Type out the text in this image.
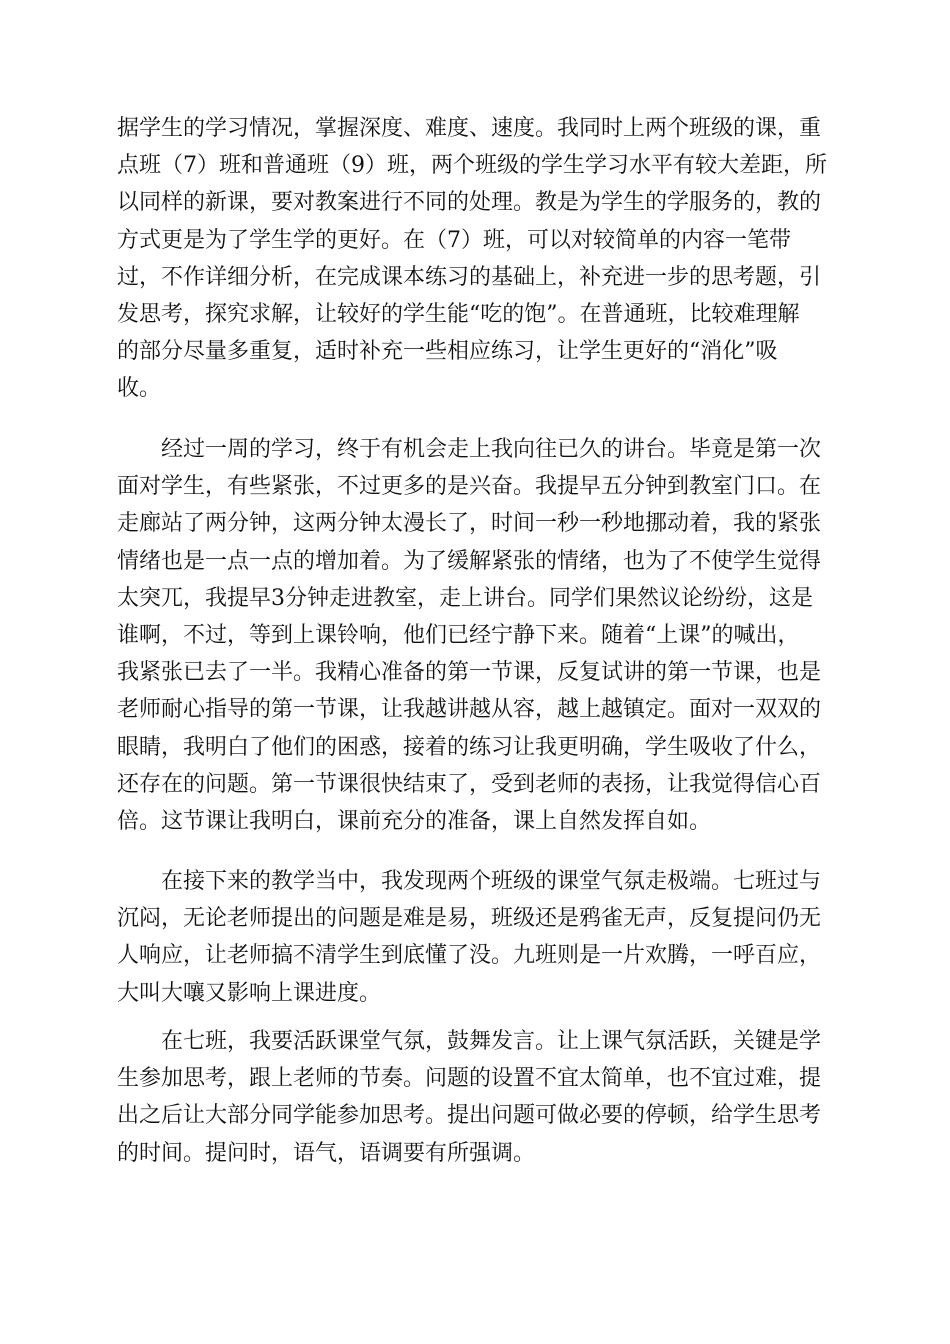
据学生的学习情况，掌握深度、难度、速度。我同时上两个班级的课，重
点班（7）班和普通班（9）班，两个班级的学生学习水平有较大差距，所
以同样的新课，要对教案进行不同的处理。教是为学生的学服务的，教的
方式更是为了学生学的更好。在（7）班，可以对较简单的内容一笔带
过，不作详细分析，在完成课本练习的基础上，补充进一步的思考题，引
发思考，探究求解，让较好的学生能“吃的饱”。在普通班，比较难理解
的部分尽量多重复，适时补充一些相应练习，让学生更好的“消化”吸
收。
经过一周的学习，终于有机会走上我向往已久的讲台。毕竟是第一次
面对学生，有些紧张，不过更多的是兴奋。我提早五分钟到教室门口。在
走廊站了两分钟，这两分钟太漫长了，时间一秒一秒地挪动着，我的紧张
情绪也是一点一点的增加着。为了缓解紧张的情绪，也为了不使学生觉得
太突兀，我提早3分钟走进教室，走上讲台。同学们果然议论纷纷，这是
谁啊，不过，等到上课铃响，他们已经宁静下来。随着“上课”的喊出，
我紧张已去了一半。我精心准备的第一节课，反复试讲的第一节课，也是
老师耐心指导的第一节课，让我越讲越从容，越上越镇定。面对一双双的
眼睛，我明白了他们的困惑，接着的练习让我更明确，学生吸收了什么，
还存在的问题。第一节课很快结束了，受到老师的表扬，让我觉得信心百
倍。这节课让我明白，课前充分的准备，课上自然发挥自如。
在接下来的教学当中，我发现两个班级的课堂气氛走极端。七班过与
沉闷，无论老师提出的问题是难是易，班级还是鸦雀无声，反复提问仍无
人响应，让老师搞不清学生到底懂了没。九班则是一片欢腾，一呼百应，
大叫大嚷又影响上课进度。
在七班，我要活跃课堂气氛，鼓舞发言。让上课气氛活跃，关键是学
生参加思考，跟上老师的节奏。问题的设置不宜太简单，也不宜过难，提
出之后让大部分同学能参加思考。提出问题可做必要的停顿，给学生思考
的时间。提问时，语气，语调要有所强调。
